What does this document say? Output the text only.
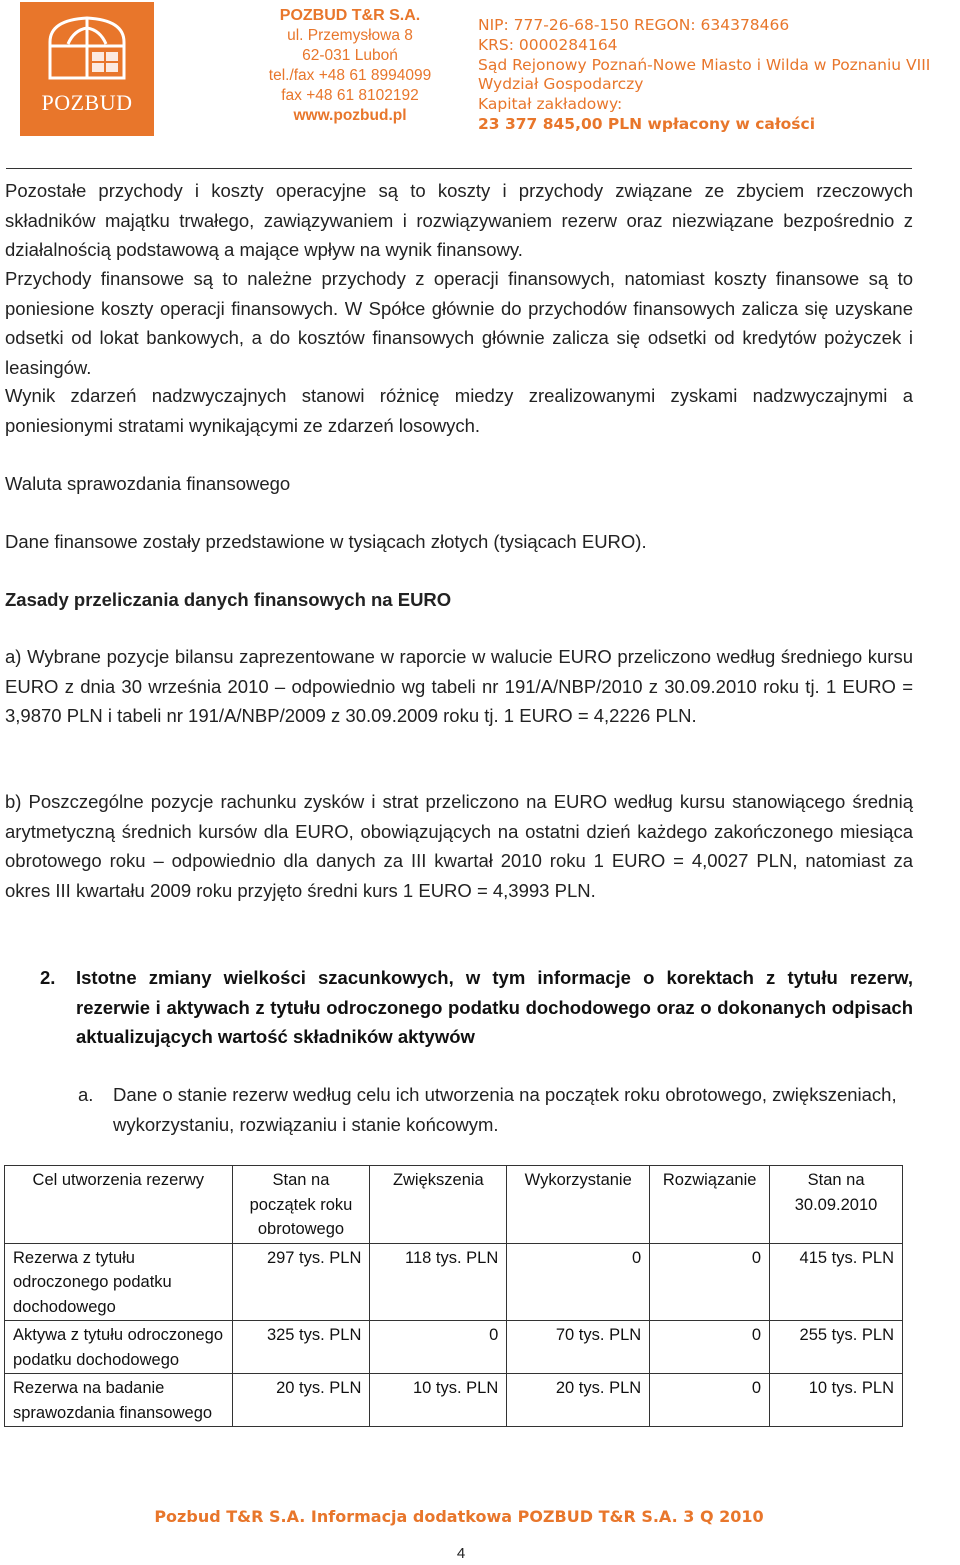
POZBUD
POZBUD T&R S.A.
ul. Przemysłowa 8
62-031 Luboń
tel./fax +48 61 8994099
fax +48 61 8102192
www.pozbud.pl
NIP: 777-26-68-150 REGON: 634378466
KRS: 0000284164
Sąd Rejonowy Poznań-Nowe Miasto i Wilda w Poznaniu VIII
Wydział Gospodarczy
Kapitał zakładowy:
23 377 845,00 PLN wpłacony w całości
Pozostałe przychody i koszty operacyjne są to koszty i przychody związane ze zbyciem rzeczowych składników majątku trwałego, zawiązywaniem i rozwiązywaniem rezerw oraz niezwiązane bezpośrednio z działalnością podstawową a mające wpływ na wynik finansowy.
Przychody finansowe są to należne przychody z operacji finansowych, natomiast koszty finansowe są to poniesione koszty operacji finansowych. W Spółce głównie do przychodów finansowych zalicza się uzyskane odsetki od lokat bankowych, a do kosztów finansowych głównie zalicza się odsetki od kredytów pożyczek i leasingów.
Wynik zdarzeń nadzwyczajnych stanowi różnicę miedzy zrealizowanymi zyskami nadzwyczajnymi a poniesionymi stratami wynikającymi ze zdarzeń losowych.
Waluta sprawozdania finansowego
Dane finansowe zostały przedstawione w tysiącach złotych (tysiącach EURO).
Zasady przeliczania danych finansowych na EURO
a) Wybrane pozycje bilansu zaprezentowane w raporcie w walucie EURO przeliczono według średniego kursu EURO z dnia 30 września 2010 – odpowiednio wg tabeli nr 191/A/NBP/2010 z 30.09.2010 roku tj. 1 EURO = 3,9870 PLN i tabeli nr 191/A/NBP/2009 z 30.09.2009 roku tj. 1 EURO = 4,2226 PLN.
b) Poszczególne pozycje rachunku zysków i strat przeliczono na EURO według kursu stanowiącego średnią arytmetyczną średnich kursów dla EURO, obowiązujących na ostatni dzień każdego zakończonego miesiąca obrotowego roku – odpowiednio dla danych za III kwartał 2010 roku 1 EURO = 4,0027 PLN, natomiast za okres III kwartału 2009 roku przyjęto średni kurs 1 EURO = 4,3993 PLN.
2. Istotne zmiany wielkości szacunkowych, w tym informacje o korektach z tytułu rezerw, rezerwie i aktywach z tytułu odroczonego podatku dochodowego oraz o dokonanych odpisach aktualizujących wartość składników aktywów
a. Dane o stanie rezerw według celu ich utworzenia na początek roku obrotowego, zwiększeniach, wykorzystaniu, rozwiązaniu i stanie końcowym.
Cel utworzenia rezerwy	Stan na początek roku obrotowego	Zwiększenia	Wykorzystanie	Rozwiązanie	Stan na 30.09.2010
Rezerwa z tytułu odroczonego podatku dochodowego	297 tys. PLN	118 tys. PLN	0	0	415 tys. PLN
Aktywa z tytułu odroczonego podatku dochodowego	325 tys. PLN	0	70 tys. PLN	0	255 tys. PLN
Rezerwa na badanie sprawozdania finansowego	20 tys. PLN	10 tys. PLN	20 tys. PLN	0	10 tys. PLN
Pozbud T&R S.A. Informacja dodatkowa POZBUD T&R S.A. 3 Q 2010
4
